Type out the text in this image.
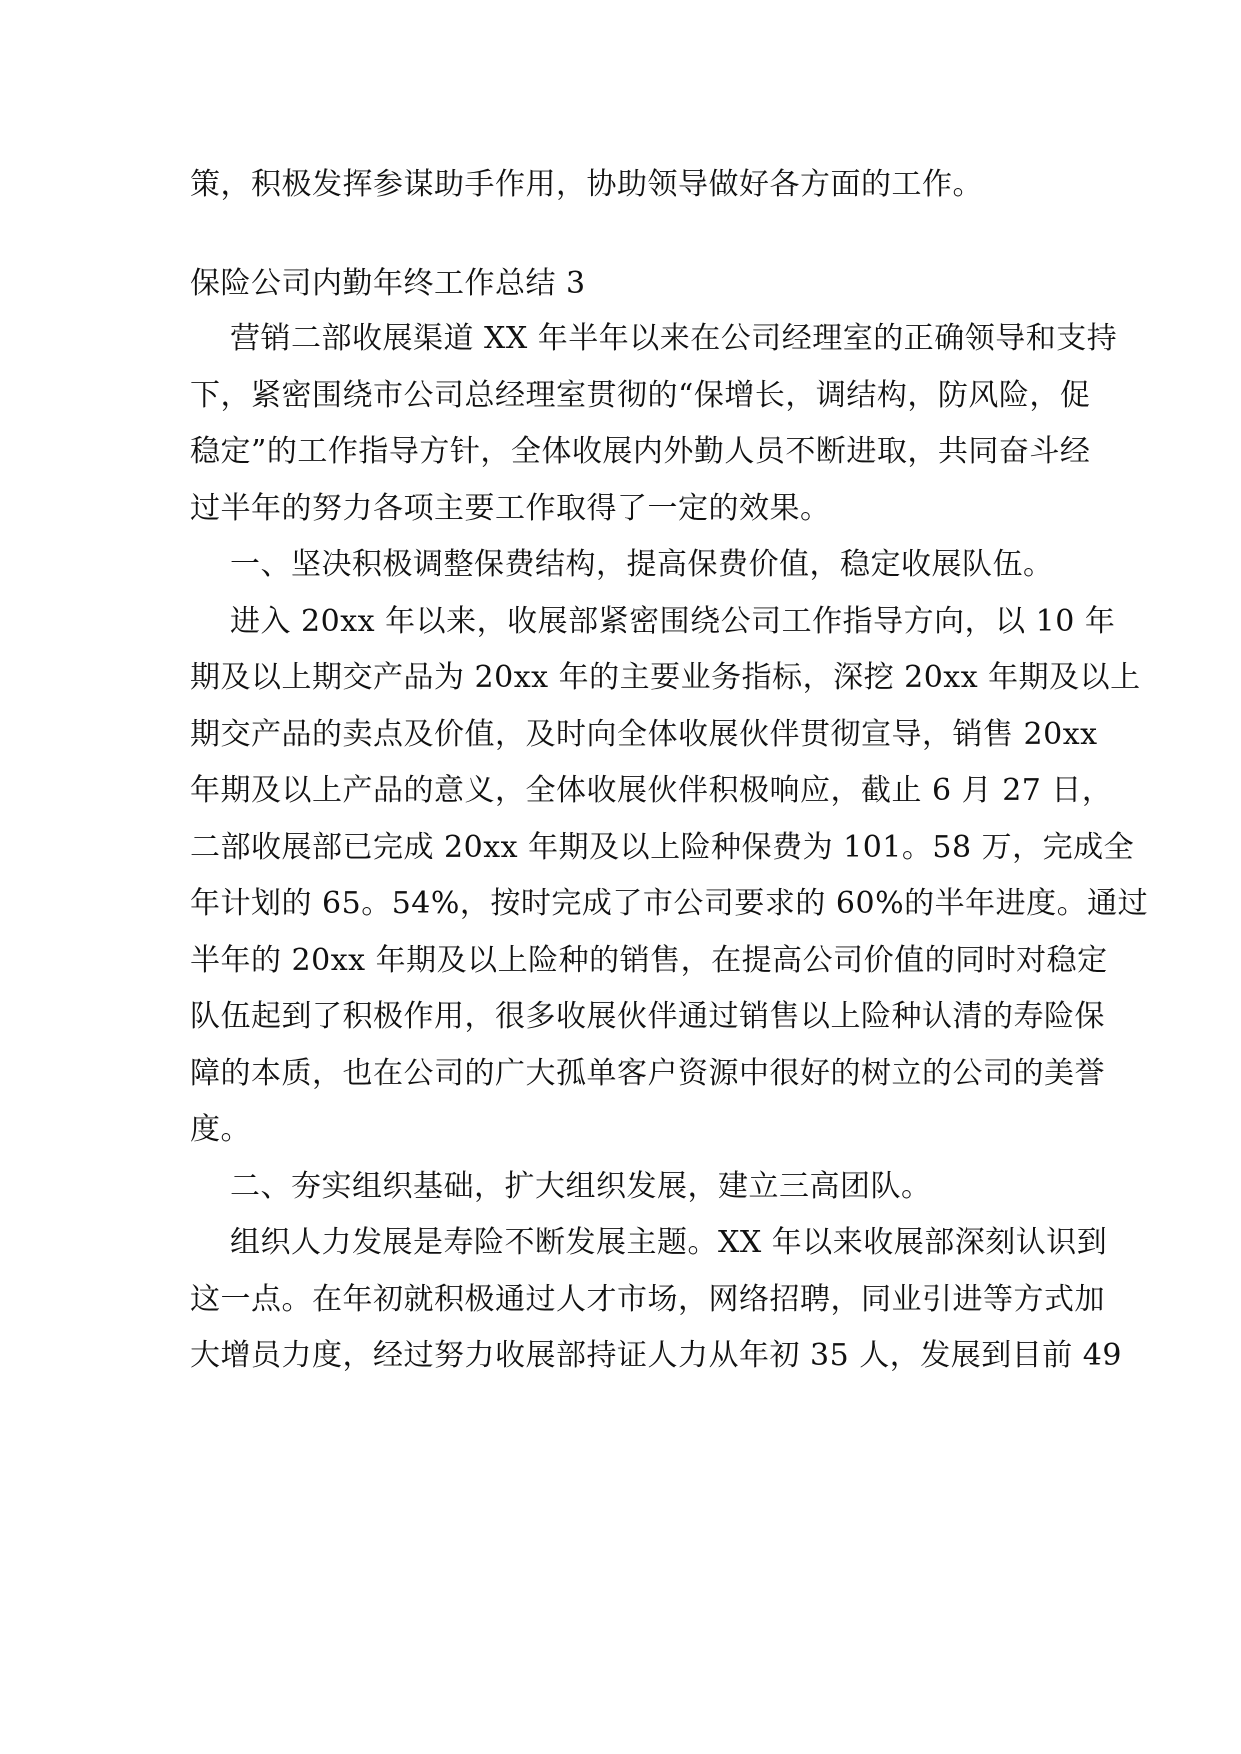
策，积极发挥参谋助手作用，协助领导做好各方面的工作。
保险公司内勤年终工作总结 3
营销二部收展渠道 XX 年半年以来在公司经理室的正确领导和支持
下，紧密围绕市公司总经理室贯彻的“保增长，调结构，防风险，促
稳定”的工作指导方针，全体收展内外勤人员不断进取，共同奋斗经
过半年的努力各项主要工作取得了一定的效果。
一、坚决积极调整保费结构，提高保费价值，稳定收展队伍。
进入 20xx 年以来，收展部紧密围绕公司工作指导方向，以 10 年
期及以上期交产品为 20xx 年的主要业务指标，深挖 20xx 年期及以上
期交产品的卖点及价值，及时向全体收展伙伴贯彻宣导，销售 20xx
年期及以上产品的意义，全体收展伙伴积极响应，截止 6 月 27 日，
二部收展部已完成 20xx 年期及以上险种保费为 101。58 万，完成全
年计划的 65。54%，按时完成了市公司要求的 60%的半年进度。通过
半年的 20xx 年期及以上险种的销售，在提高公司价值的同时对稳定
队伍起到了积极作用，很多收展伙伴通过销售以上险种认清的寿险保
障的本质，也在公司的广大孤单客户资源中很好的树立的公司的美誉
度。
二、夯实组织基础，扩大组织发展，建立三高团队。
组织人力发展是寿险不断发展主题。XX 年以来收展部深刻认识到
这一点。在年初就积极通过人才市场，网络招聘，同业引进等方式加
大增员力度，经过努力收展部持证人力从年初 35 人，发展到目前 49
